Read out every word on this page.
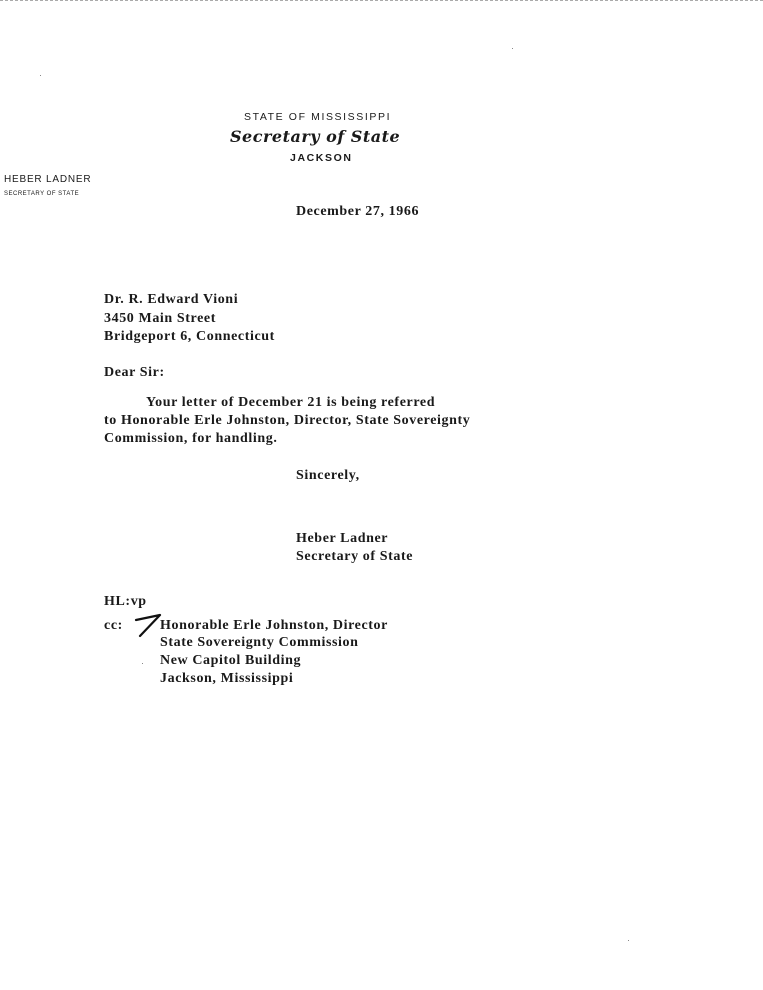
STATE OF MISSISSIPPI
Secretary of State
JACKSON
HEBER LADNER
SECRETARY OF STATE
December 27, 1966
Dr. R. Edward Vioni
3450 Main Street
Bridgeport 6, Connecticut
Dear Sir:
Your letter of December 21 is being referred
to Honorable Erle Johnston, Director, State Sovereignty
Commission, for handling.
Sincerely,
Heber Ladner
Secretary of State
HL:vp
cc:	Honorable Erle Johnston, Director
State Sovereignty Commission
New Capitol Building
Jackson, Mississippi
